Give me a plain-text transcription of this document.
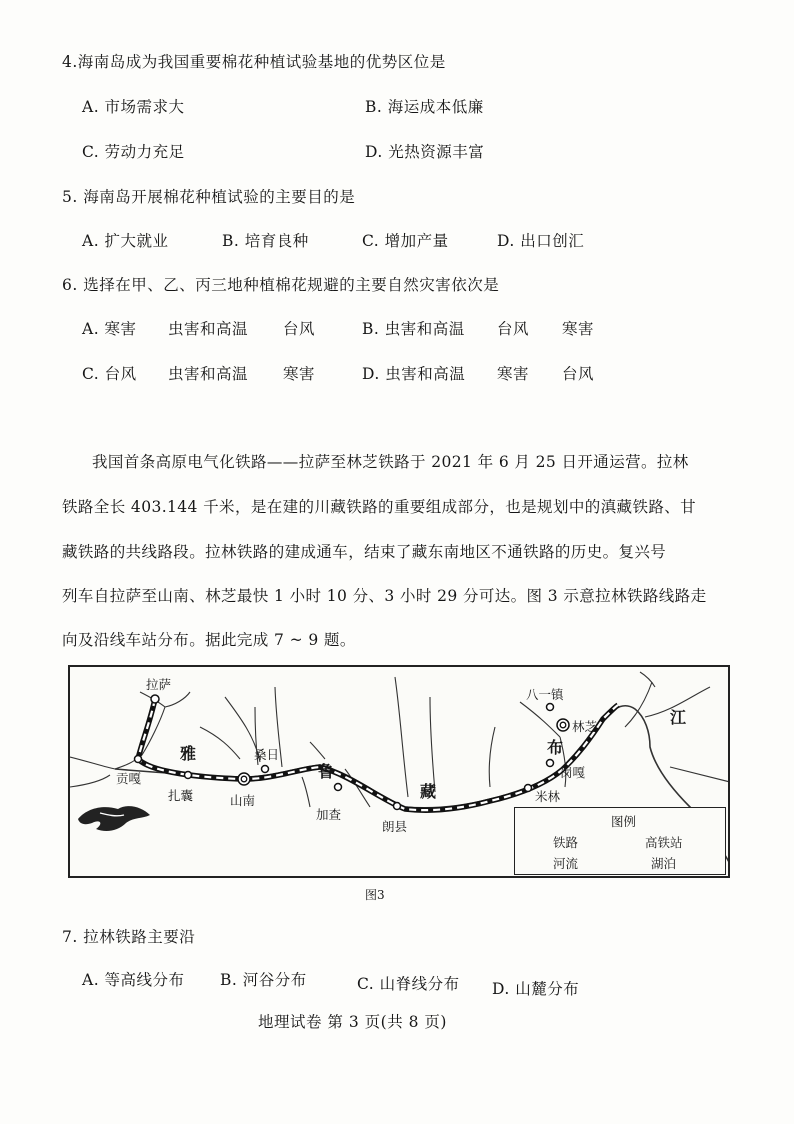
4.海南岛成为我国重要棉花种植试验基地的优势区位是
A. 市场需求大	B. 海运成本低廉
C. 劳动力充足	D. 光热资源丰富
5. 海南岛开展棉花种植试验的主要目的是
A. 扩大就业	B. 培育良种	C. 增加产量	D. 出口创汇
6. 选择在甲、乙、丙三地种植棉花规避的主要自然灾害依次是
A. 寒害 虫害和高温 台风	B. 虫害和高温 台风 寒害
C. 台风 虫害和高温 寒害	D. 虫害和高温 寒害 台风
我国首条高原电气化铁路——拉萨至林芝铁路于 2021 年 6 月 25 日开通运营。拉林
铁路全长 403.144 千米，是在建的川藏铁路的重要组成部分，也是规划中的滇藏铁路、甘
藏铁路的共线路段。拉林铁路的建成通车，结束了藏东南地区不通铁路的历史。复兴号
列车自拉萨至山南、林芝最快 1 小时 10 分、3 小时 29 分可达。图 3 示意拉林铁路线路走
向及沿线车站分布。据此完成 7 ~ 9 题。
拉萨
贡嘎
扎囊	山南
桑日
加查
朗县
米林
岗嘎
林芝
八一镇
雅
鲁
藏
布
江
图例
铁路	高铁站
河流	湖泊
图3
7. 拉林铁路主要沿
A. 等高线分布 B. 河谷分布	C. 山脊线分布 D. 山麓分布
地理试卷 第 3 页(共 8 页)
